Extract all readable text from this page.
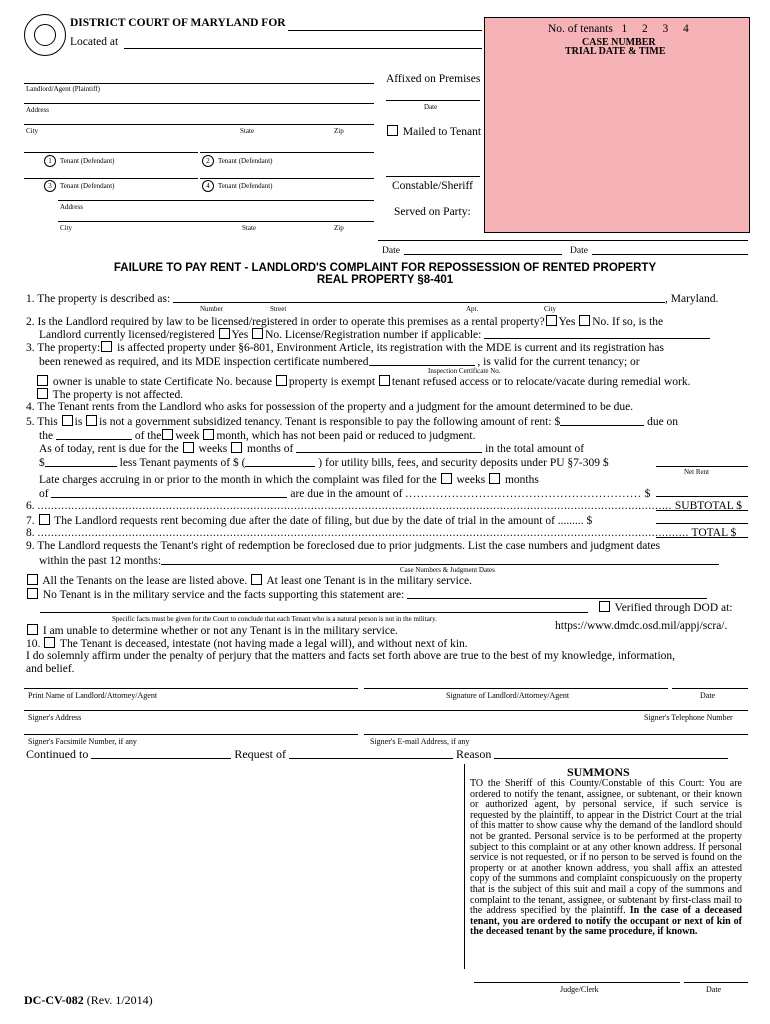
DISTRICT COURT OF MARYLAND FOR
Located at
Landlord/Agent (Plaintiff)
Address
City	State	Zip
1 Tenant (Defendant)	2 Tenant (Defendant)
3 Tenant (Defendant)	4 Tenant (Defendant)
Address
City	State	Zip
Affixed on Premises
Date
Mailed to Tenant
Constable/Sheriff
Served on Party:
No. of tenants 1  2  3  4
CASE NUMBER
TRIAL DATE & TIME
Date	Date
FAILURE TO PAY RENT - LANDLORD'S COMPLAINT FOR REPOSSESSION OF RENTED PROPERTY
REAL PROPERTY §8-401
1. The property is described as:	, Maryland.
Number	Street	Apt.	City
2. Is the Landlord required by law to be licensed/registered in order to operate this premises as a rental property? Yes No. If so, is the
Landlord currently licensed/registered Yes No. License/Registration number if applicable:
3. The property: is affected property under §6-801, Environment Article, its registration with the MDE is current and its registration has
been renewed as required, and its MDE inspection certificate numbered	, is valid for the current tenancy; or
Inspection Certificate No.
owner is unable to state Certificate No. because property is exempt tenant refused access or to relocate/vacate during remedial work.
The property is not affected.
4. The Tenant rents from the Landlord who asks for possession of the property and a judgment for the amount determined to be due.
5. This is is not a government subsidized tenancy. Tenant is responsible to pay the following amount of rent: $	due on
the	of the week month, which has not been paid or reduced to judgment.
As of today, rent is due for the weeks months of	in the total amount of
$	less Tenant payments of $ (	) for utility bills, fees, and security deposits under PU §7-309 $
Net Rent
Late charges accruing in or prior to the month in which the complaint was filed for the weeks months
of	are due in the amount of ............................................................. $
6. ............................................................................................................................................................................................ SUBTOTAL $
7. The Landlord requests rent becoming due after the date of filing, but due by the date of trial in the amount of ......... $
8. ................................................................................................................................................................................................. TOTAL $
9. The Landlord requests the Tenant's right of redemption be foreclosed due to prior judgments. List the case numbers and judgment dates
within the past 12 months:
Case Numbers & Judgment Dates
All the Tenants on the lease are listed above. At least one Tenant is in the military service.
No Tenant is in the military service and the facts supporting this statement are:
Verified through DOD at:
Specific facts must be given for the Court to conclude that each Tenant who is a natural person is not in the military.
https://www.dmdc.osd.mil/appj/scra/.
I am unable to determine whether or not any Tenant is in the military service.
10. The Tenant is deceased, intestate (not having made a legal will), and without next of kin.
I do solemnly affirm under the penalty of perjury that the matters and facts set forth above are true to the best of my knowledge, information,
and belief.
Print Name of Landlord/Attorney/Agent	Signature of Landlord/Attorney/Agent	Date
Signer's Address	Signer's Telephone Number
Signer's Facsimile Number, if any	Signer's E-mail Address, if any
Continued to	Request of	Reason
SUMMONS
TO the Sheriff of this County/Constable of this Court: You are ordered to notify the tenant, assignee, or subtenant, or their known or authorized agent, by personal service, if such service is requested by the plaintiff, to appear in the District Court at the trial of this matter to show cause why the demand of the landlord should not be granted. Personal service is to be performed at the property subject to this complaint or at any other known address. If personal service is not requested, or if no person to be served is found on the property or at another known address, you shall affix an attested copy of the summons and complaint conspicuously on the property that is the subject of this suit and mail a copy of the summons and complaint to the tenant, assignee, or subtenant by first-class mail to the address specified by the plaintiff. In the case of a deceased tenant, you are ordered to notify the occupant or next of kin of the deceased tenant by the same procedure, if known.
Judge/Clerk	Date
DC-CV-082 (Rev. 1/2014)
